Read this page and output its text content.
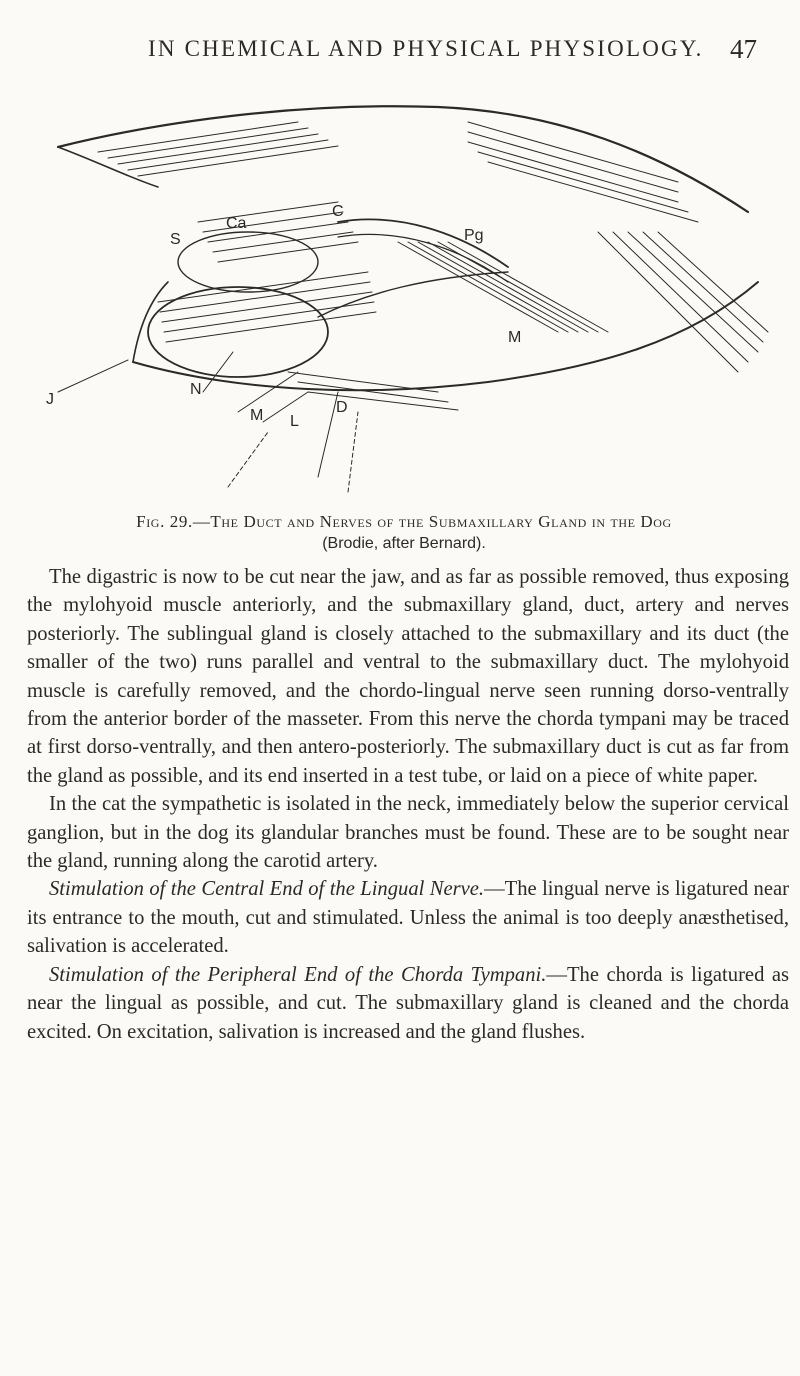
IN CHEMICAL AND PHYSICAL PHYSIOLOGY. 47
C
Ca
S	Pg
M
J
N
M L
D
Fig. 29.—The Duct and Nerves of the Submaxillary Gland in the Dog
(Brodie, after Bernard).

The digastric is now to be cut near the jaw, and as far as possible removed, thus exposing the mylohyoid muscle anteriorly, and the submaxillary gland, duct, artery and nerves posteriorly. The sublingual gland is closely attached to the submaxillary and its duct (the smaller of the two) runs parallel and ventral to the submaxillary duct. The mylohyoid muscle is carefully removed, and the chordo-lingual nerve seen running dorso-ventrally from the anterior border of the masseter. From this nerve the chorda tympani may be traced at first dorso-ventrally, and then antero-posteriorly. The submaxillary duct is cut as far from the gland as possible, and its end inserted in a test tube, or laid on a piece of white paper.

In the cat the sympathetic is isolated in the neck, immediately below the superior cervical ganglion, but in the dog its glandular branches must be found. These are to be sought near the gland, running along the carotid artery.

Stimulation of the Central End of the Lingual Nerve.—The lingual nerve is ligatured near its entrance to the mouth, cut and stimulated. Unless the animal is too deeply anæsthetised, salivation is accelerated.

Stimulation of the Peripheral End of the Chorda Tympani.—The chorda is ligatured as near the lingual as possible, and cut. The submaxillary gland is cleaned and the chorda excited. On excitation, salivation is increased and the gland flushes.
